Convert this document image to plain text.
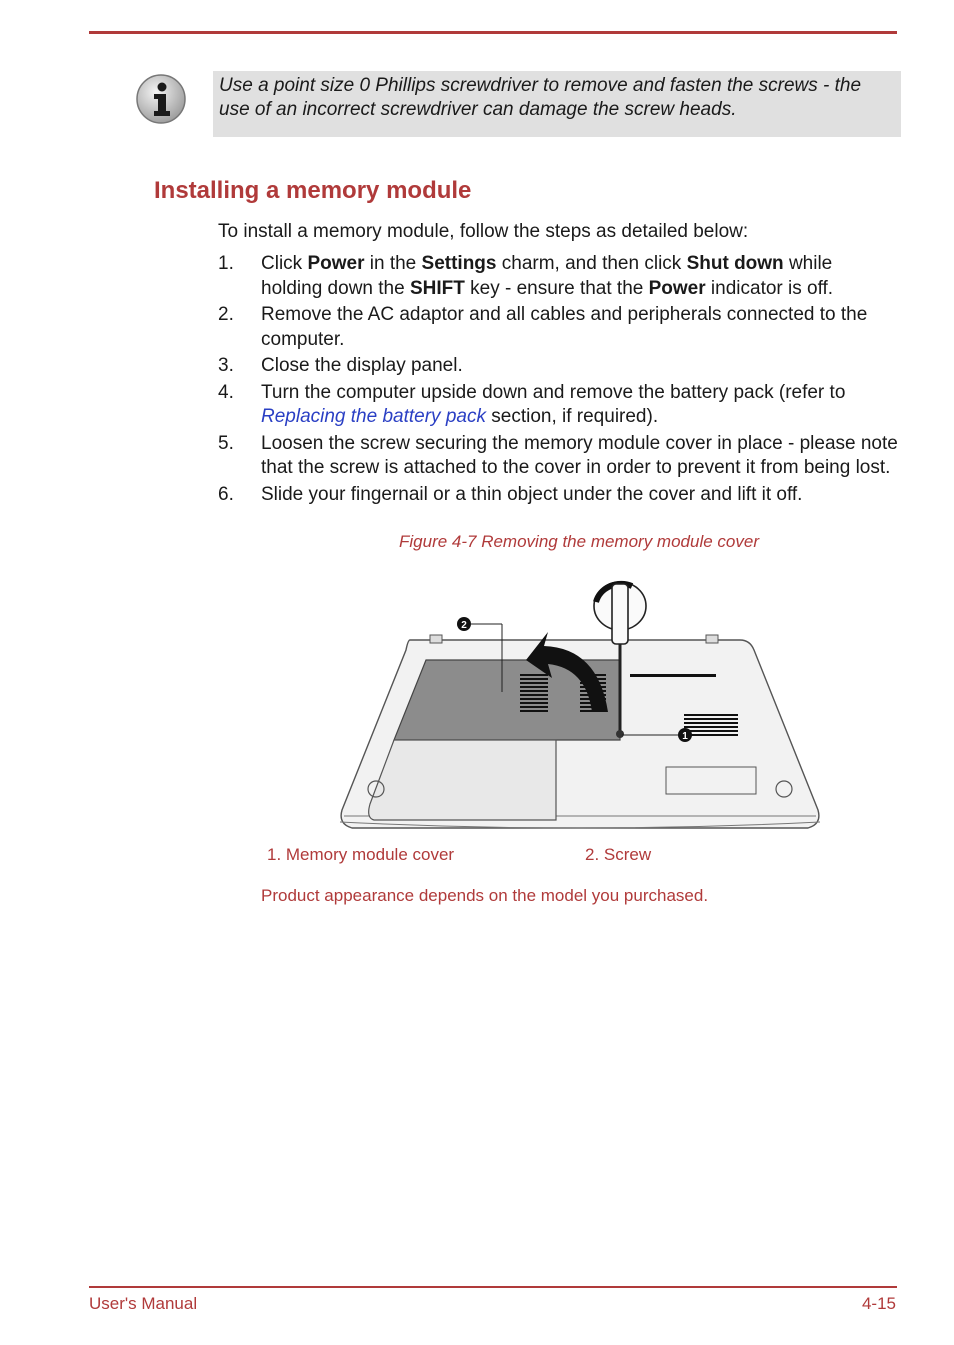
Use a point size 0 Phillips screwdriver to remove and fasten the screws - the use of an incorrect screwdriver can damage the screw heads.
Installing a memory module

To install a memory module, follow the steps as detailed below:

1. Click Power in the Settings charm, and then click Shut down while holding down the SHIFT key - ensure that the Power indicator is off.
2. Remove the AC adaptor and all cables and peripherals connected to the computer.
3. Close the display panel.
4. Turn the computer upside down and remove the battery pack (refer to Replacing the battery pack section, if required).
5. Loosen the screw securing the memory module cover in place - please note that the screw is attached to the cover in order to prevent it from being lost.
6. Slide your fingernail or a thin object under the cover and lift it off.
Figure 4-7 Removing the memory module cover
1
2
1. Memory module cover	2. Screw
Product appearance depends on the model you purchased.
User's Manual	4-15
